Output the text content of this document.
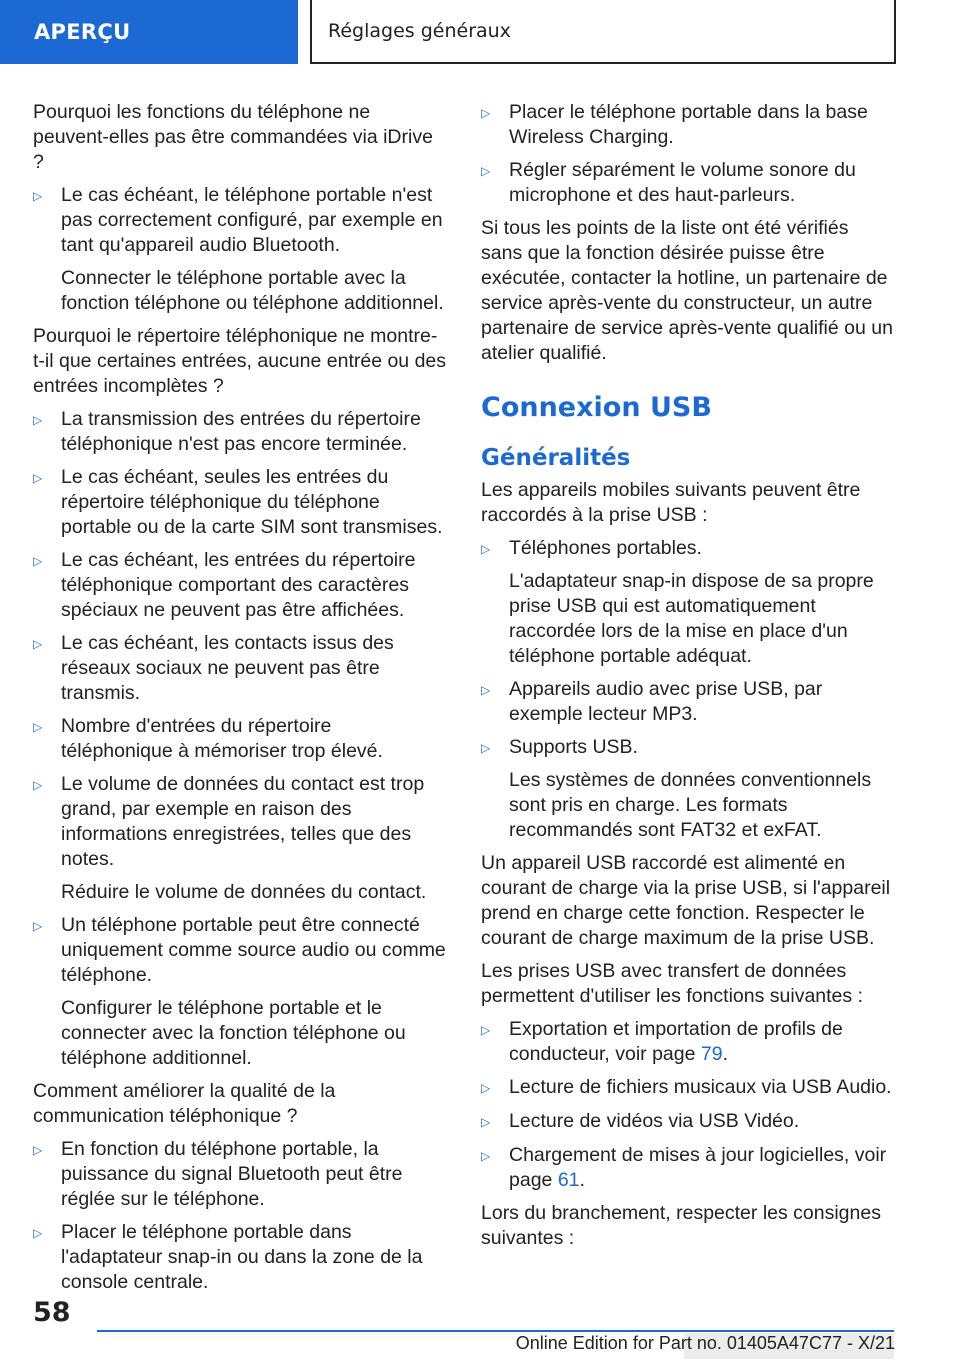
APERÇU	Réglages généraux

Pourquoi les fonctions du téléphone ne peuvent-elles pas être commandées via iDrive ?

▷ Le cas échéant, le téléphone portable n'est pas correctement configuré, par exemple en tant qu'appareil audio Bluetooth.
Connecter le téléphone portable avec la fonction téléphone ou téléphone additionnel.

Pourquoi le répertoire téléphonique ne montre-t-il que certaines entrées, aucune entrée ou des entrées incomplètes ?

▷ La transmission des entrées du répertoire téléphonique n'est pas encore terminée.
▷ Le cas échéant, seules les entrées du répertoire téléphonique du téléphone portable ou de la carte SIM sont transmises.
▷ Le cas échéant, les entrées du répertoire téléphonique comportant des caractères spéciaux ne peuvent pas être affichées.
▷ Le cas échéant, les contacts issus des réseaux sociaux ne peuvent pas être transmis.
▷ Nombre d'entrées du répertoire téléphonique à mémoriser trop élevé.
▷ Le volume de données du contact est trop grand, par exemple en raison des informations enregistrées, telles que des notes.
Réduire le volume de données du contact.
▷ Un téléphone portable peut être connecté uniquement comme source audio ou comme téléphone.
Configurer le téléphone portable et le connecter avec la fonction téléphone ou téléphone additionnel.

Comment améliorer la qualité de la communication téléphonique ?

▷ En fonction du téléphone portable, la puissance du signal Bluetooth peut être réglée sur le téléphone.
▷ Placer le téléphone portable dans l'adaptateur snap-in ou dans la zone de la console centrale.
▷ Placer le téléphone portable dans la base Wireless Charging.
▷ Régler séparément le volume sonore du microphone et des haut-parleurs.

Si tous les points de la liste ont été vérifiés sans que la fonction désirée puisse être exécutée, contacter la hotline, un partenaire de service après-vente du constructeur, un autre partenaire de service après-vente qualifié ou un atelier qualifié.

Connexion USB
Généralités

Les appareils mobiles suivants peuvent être raccordés à la prise USB :

▷ Téléphones portables.
L'adaptateur snap-in dispose de sa propre prise USB qui est automatiquement raccordée lors de la mise en place d'un téléphone portable adéquat.
▷ Appareils audio avec prise USB, par exemple lecteur MP3.
▷ Supports USB.
Les systèmes de données conventionnels sont pris en charge. Les formats recommandés sont FAT32 et exFAT.

Un appareil USB raccordé est alimenté en courant de charge via la prise USB, si l'appareil prend en charge cette fonction. Respecter le courant de charge maximum de la prise USB.

Les prises USB avec transfert de données permettent d'utiliser les fonctions suivantes :

▷ Exportation et importation de profils de conducteur, voir page 79.
▷ Lecture de fichiers musicaux via USB Audio.
▷ Lecture de vidéos via USB Vidéo.
▷ Chargement de mises à jour logicielles, voir page 61.

Lors du branchement, respecter les consignes suivantes :

58
Online Edition for Part no. 01405A47C77 - X/21
